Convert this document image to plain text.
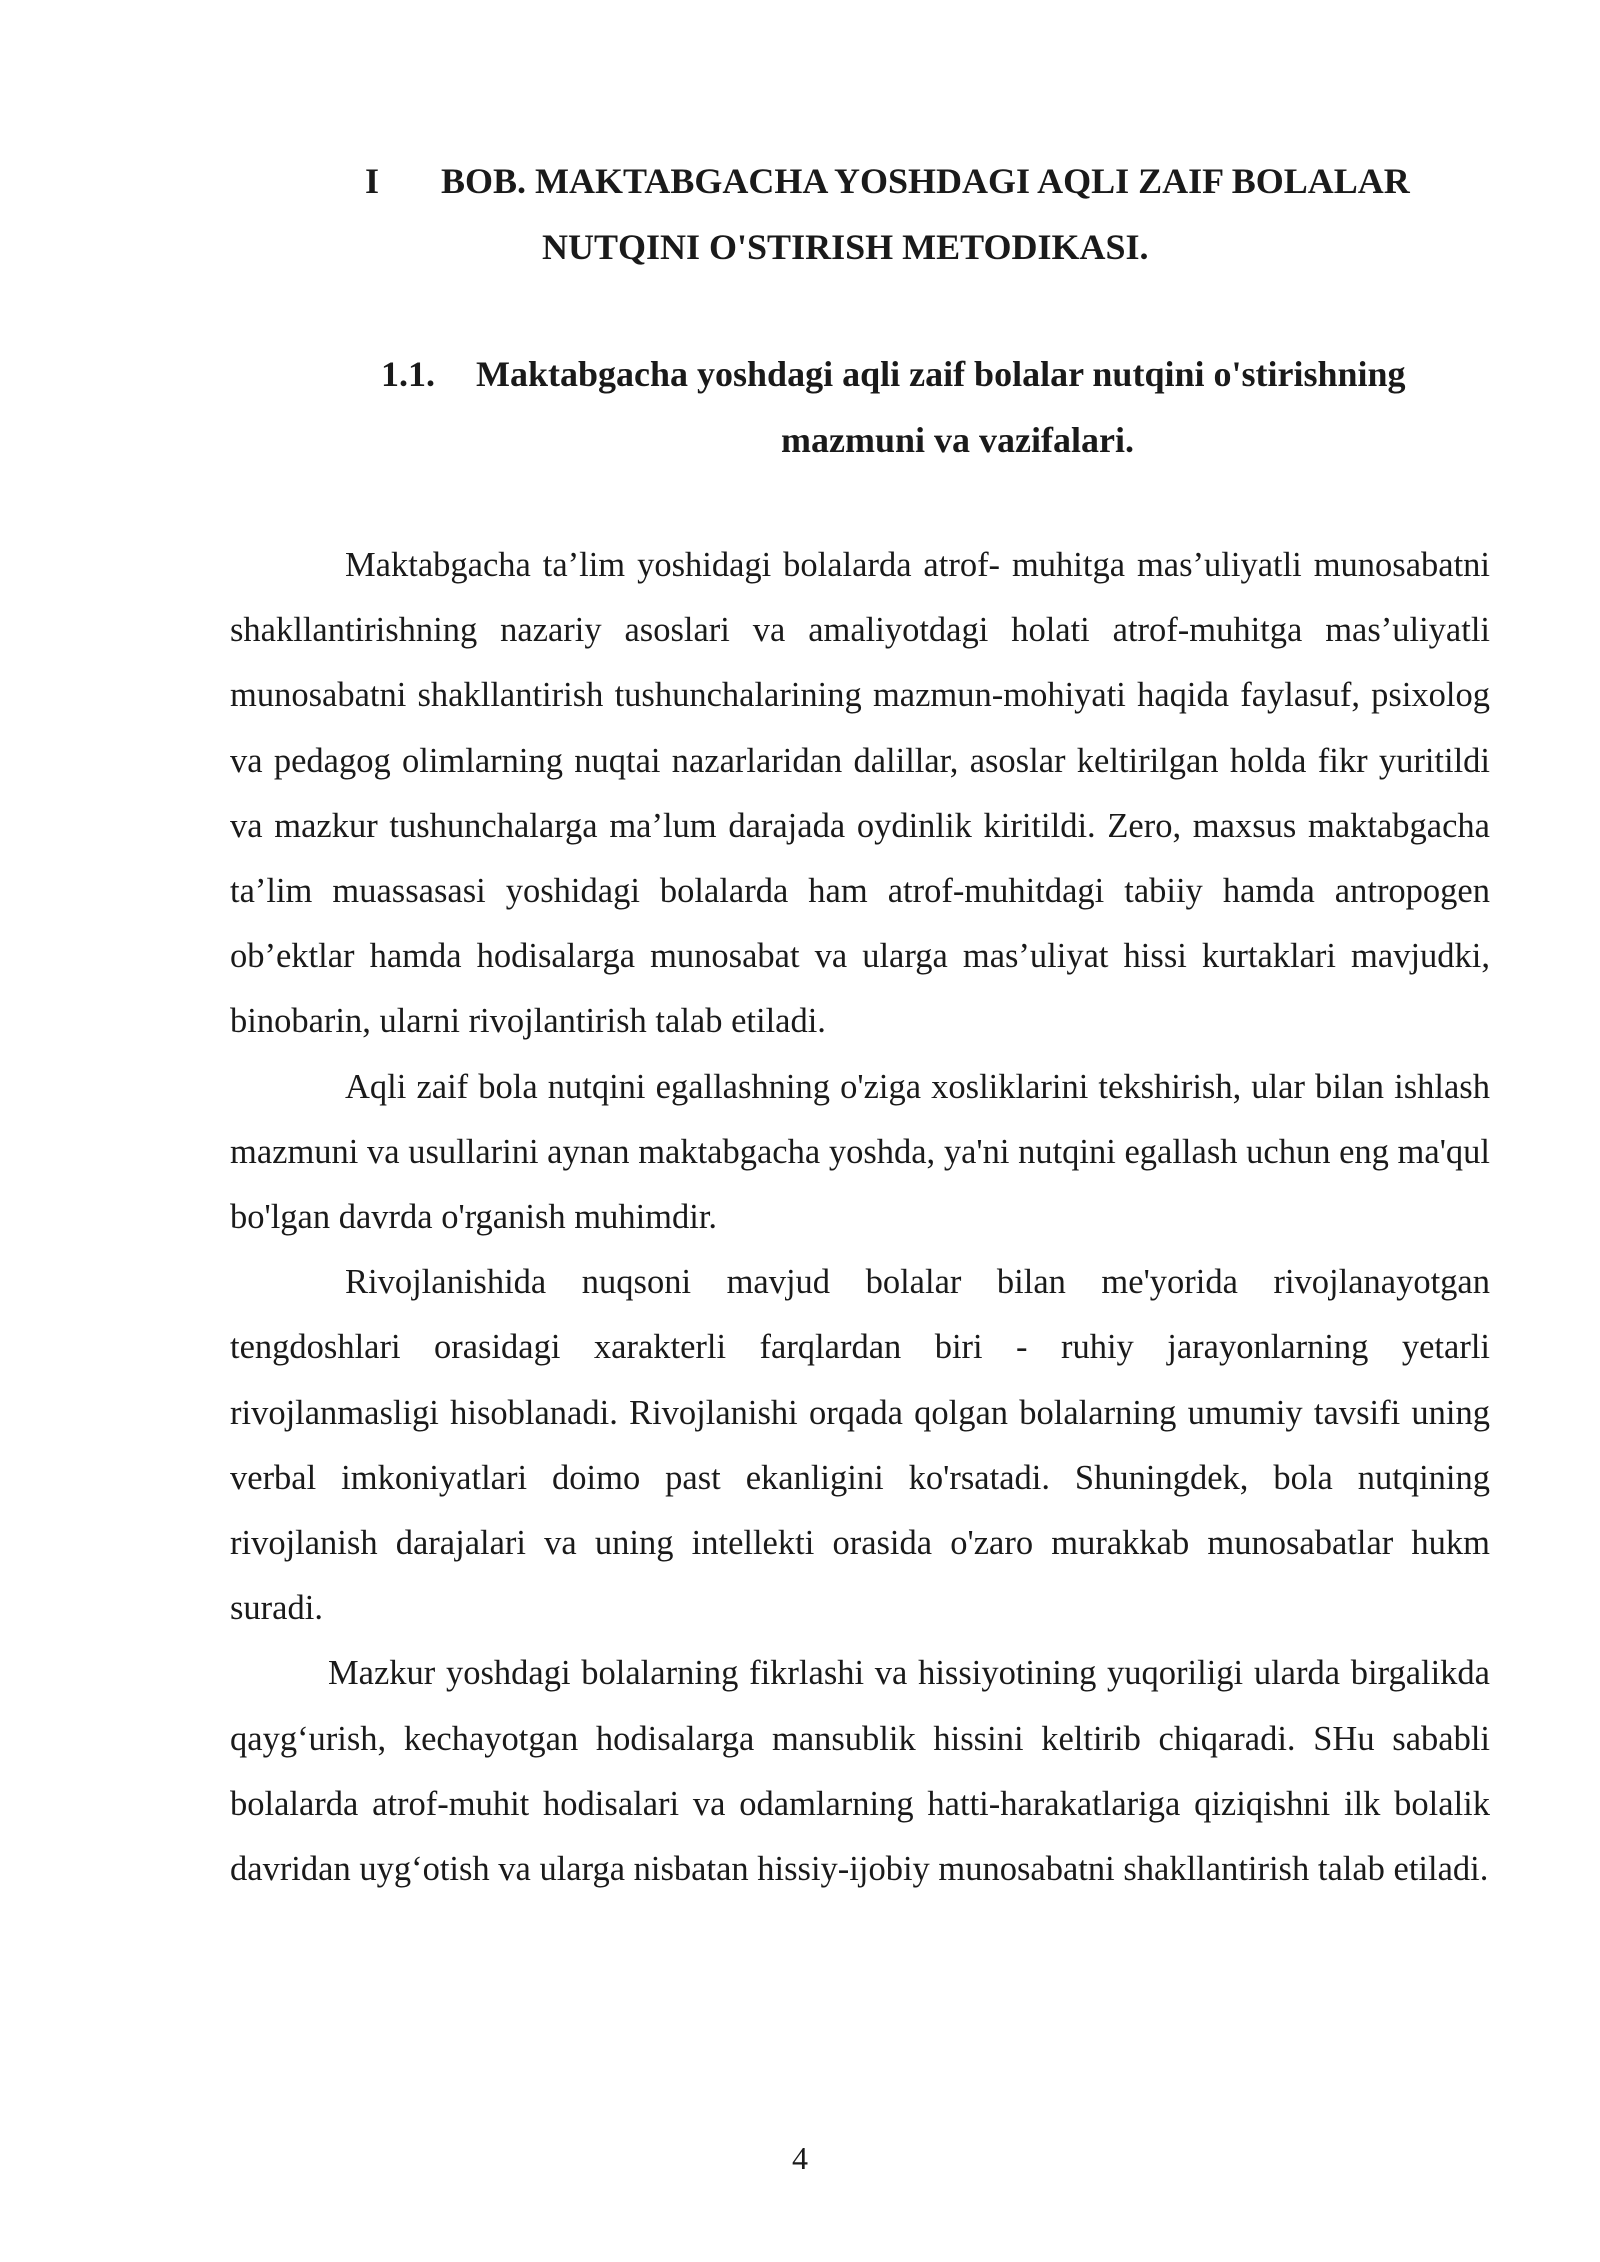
I	BOB. MAKTABGACHA YOSHDAGI AQLI ZAIF BOLALAR
NUTQINI O'STIRISH METODIKASI.
1.1.	Maktabgacha yoshdagi aqli zaif bolalar nutqini o'stirishning
mazmuni va vazifalari.

Maktabgacha ta’lim yoshidagi bolalarda atrof- muhitga mas’uliyatli munosabatni shakllantirishning nazariy asoslari va amaliyotdagi holati atrof-muhitga mas’uliyatli munosabatni shakllantirish tushunchalarining mazmun-mohiyati haqida faylasuf, psixolog va pedagog olimlarning nuqtai nazarlaridan dalillar, asoslar keltirilgan holda fikr yuritildi va mazkur tushunchalarga ma’lum darajada oydinlik kiritildi. Zero, maxsus maktabgacha ta’lim muassasasi yoshidagi bolalarda ham atrof-muhitdagi tabiiy hamda antropogen ob’ektlar hamda hodisalarga munosabat va ularga mas’uliyat hissi kurtaklari mavjudki, binobarin, ularni rivojlantirish talab etiladi.

Aqli zaif bola nutqini egallashning o'ziga xosliklarini tekshirish, ular bilan ishlash mazmuni va usullarini aynan maktabgacha yoshda, ya'ni nutqini egallash uchun eng ma'qul bo'lgan davrda o'rganish muhimdir.

Rivojlanishida nuqsoni mavjud bolalar bilan me'yorida rivojlanayotgan tengdoshlari orasidagi xarakterli farqlardan biri - ruhiy jarayonlarning yetarli rivojlanmasligi hisoblanadi. Rivojlanishi orqada qolgan bolalarning umumiy tavsifi uning verbal imkoniyatlari doimo past ekanligini ko'rsatadi. Shuningdek, bola nutqining rivojlanish darajalari va uning intellekti orasida o'zaro murakkab munosabatlar hukm suradi.

Mazkur yoshdagi bolalarning fikrlashi va hissiyotining yuqoriligi ularda birgalikda qayg‘urish, kechayotgan hodisalarga mansublik hissini keltirib chiqaradi. SHu sababli bolalarda atrof-muhit hodisalari va odamlarning hatti-harakatlariga qiziqishni ilk bolalik davridan uyg‘otish va ularga nisbatan hissiy-ijobiy munosabatni shakllantirish talab etiladi.

4
